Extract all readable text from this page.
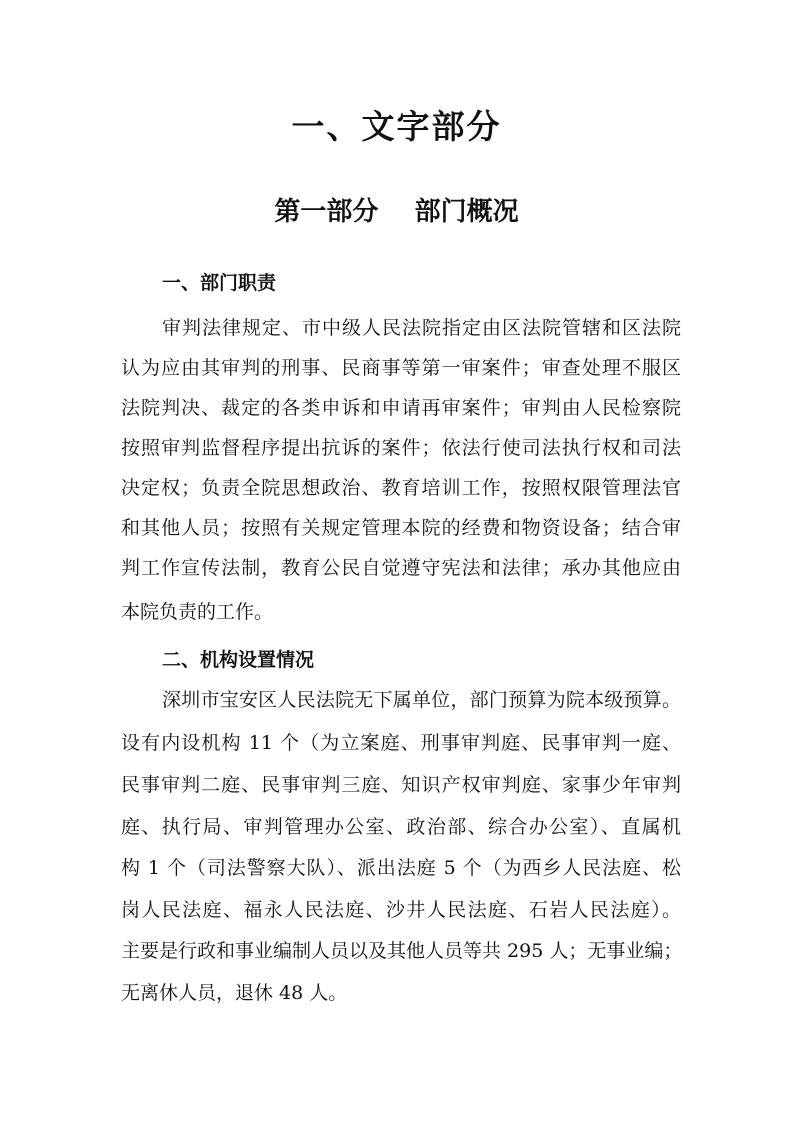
一、文字部分
第一部分    部门概况
一、部门职责
审判法律规定、市中级人民法院指定由区法院管辖和区法院
认为应由其审判的刑事、民商事等第一审案件；审查处理不服区
法院判决、裁定的各类申诉和申请再审案件；审判由人民检察院
按照审判监督程序提出抗诉的案件；依法行使司法执行权和司法
决定权；负责全院思想政治、教育培训工作，按照权限管理法官
和其他人员；按照有关规定管理本院的经费和物资设备；结合审
判工作宣传法制，教育公民自觉遵守宪法和法律；承办其他应由
本院负责的工作。
二、机构设置情况
深圳市宝安区人民法院无下属单位，部门预算为院本级预算。
设有内设机构 11 个（为立案庭、刑事审判庭、民事审判一庭、
民事审判二庭、民事审判三庭、知识产权审判庭、家事少年审判
庭、执行局、审判管理办公室、政治部、综合办公室）、直属机
构 1 个（司法警察大队）、派出法庭 5 个（为西乡人民法庭、松
岗人民法庭、福永人民法庭、沙井人民法庭、石岩人民法庭）。
主要是行政和事业编制人员以及其他人员等共 295 人；无事业编；
无离休人员，退休 48 人。
